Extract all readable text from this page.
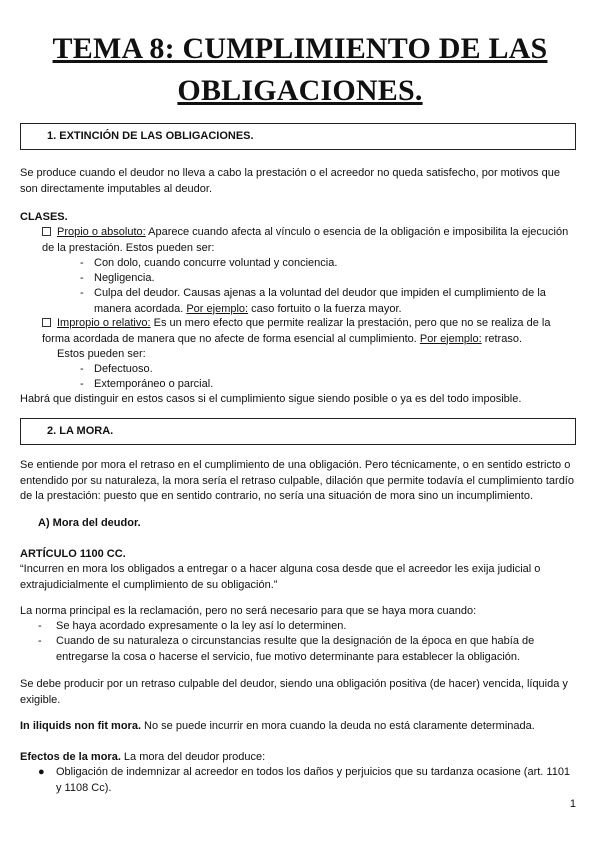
TEMA 8: CUMPLIMIENTO DE LAS
OBLIGACIONES.
1. EXTINCIÓN DE LAS OBLIGACIONES.
Se produce cuando el deudor no lleva a cabo la prestación o el acreedor no queda satisfecho, por motivos que son directamente imputables al deudor.
CLASES.
Propio o absoluto: Aparece cuando afecta al vínculo o esencia de la obligación e imposibilita la ejecución de la prestación. Estos pueden ser:
- Con dolo, cuando concurre voluntad y conciencia.
- Negligencia.
- Culpa del deudor. Causas ajenas a la voluntad del deudor que impiden el cumplimiento de la manera acordada. Por ejemplo: caso fortuito o la fuerza mayor.
Impropio o relativo: Es un mero efecto que permite realizar la prestación, pero que no se realiza de la forma acordada de manera que no afecte de forma esencial al cumplimiento. Por ejemplo: retraso.
Estos pueden ser:
- Defectuoso.
- Extemporáneo o parcial.
Habrá que distinguir en estos casos si el cumplimiento sigue siendo posible o ya es del todo imposible.
2. LA MORA.
Se entiende por mora el retraso en el cumplimiento de una obligación. Pero técnicamente, o en sentido estricto o entendido por su naturaleza, la mora sería el retraso culpable, dilación que permite todavía el cumplimiento tardío de la prestación: puesto que en sentido contrario, no sería una situación de mora sino un incumplimiento.
A) Mora del deudor.
ARTÍCULO 1100 CC.
“Incurren en mora los obligados a entregar o a hacer alguna cosa desde que el acreedor les exija judicial o extrajudicialmente el cumplimiento de su obligación.”
La norma principal es la reclamación, pero no será necesario para que se haya mora cuando:
- Se haya acordado expresamente o la ley así lo determinen.
- Cuando de su naturaleza o circunstancias resulte que la designación de la época en que había de entregarse la cosa o hacerse el servicio, fue motivo determinante para establecer la obligación.
Se debe producir por un retraso culpable del deudor, siendo una obligación positiva (de hacer) vencida, líquida y exigible.
In iliquids non fit mora. No se puede incurrir en mora cuando la deuda no está claramente determinada.
Efectos de la mora. La mora del deudor produce:
● Obligación de indemnizar al acreedor en todos los daños y perjuicios que su tardanza ocasione (art. 1101 y 1108 Cc).
1
